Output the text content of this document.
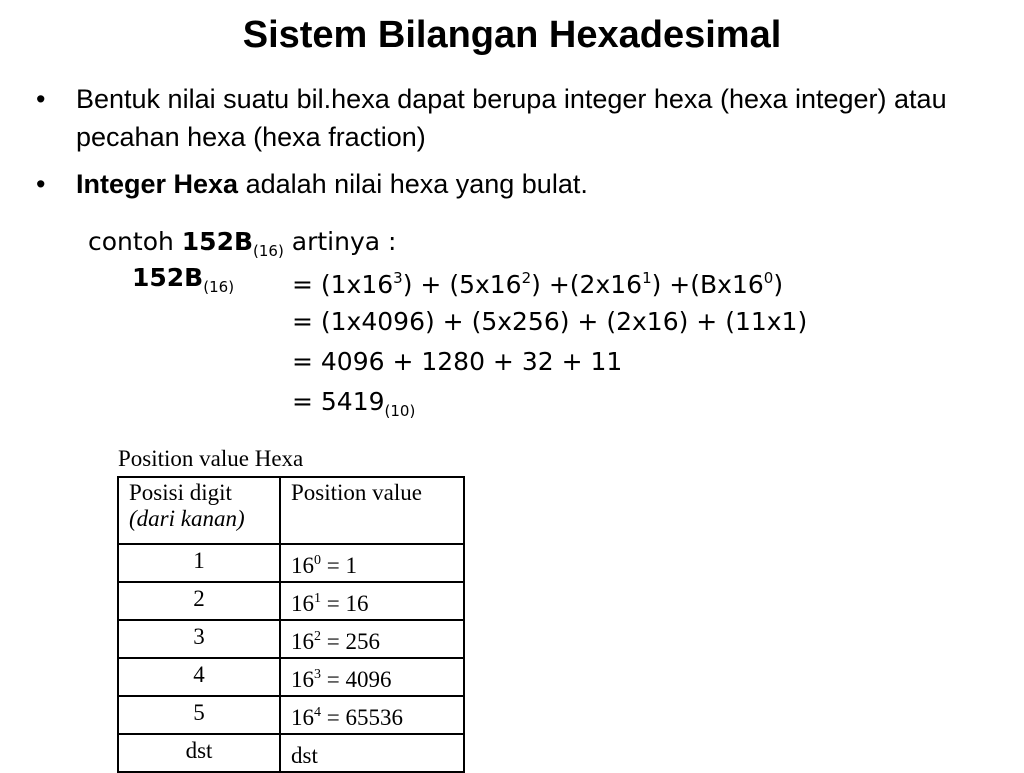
Sistem Bilangan Hexadesimal
• Bentuk nilai suatu bil.hexa dapat berupa integer hexa (hexa integer) atau pecahan hexa (hexa fraction)
• Integer Hexa adalah nilai hexa yang bulat.
contoh $152B_{(16)}$ artinya :
$152B_{(16)} = (1x16^3) + (5x16^2) +(2x16^1) +(Bx16^0)$
= (1x4096) + (5x256) + (2x16) + (11x1)
= 4096 + 1280 + 32 + 11
= $5419_{(10)}$
Position value Hexa
Posisi digit
(dari kanan)	Position value
1	$16^0 = 1$
2	$16^1 = 16$
3	$16^2 = 256$
4	$16^3 = 4096$
5	$16^4 = 65536$
dst	dst
